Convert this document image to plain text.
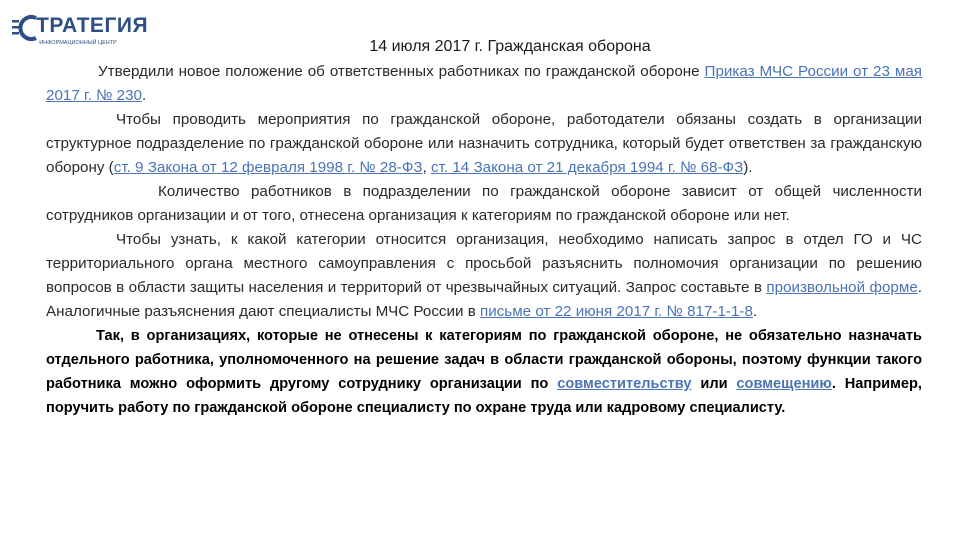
ТРАТЕГИЯ
ИНФОРМАЦИОННЫЙ ЦЕНТР	14 июля 2017 г. Гражданская оборона

Утвердили новое положение об ответственных работниках по гражданской обороне Приказ МЧС России от 23 мая 2017 г. № 230.

Чтобы проводить мероприятия по гражданской обороне, работодатели обязаны создать в организации структурное подразделение по гражданской обороне или назначить сотрудника, который будет ответствен за гражданскую оборону (ст. 9 Закона от 12 февраля 1998 г. № 28-ФЗ, ст. 14 Закона от 21 декабря 1994 г. № 68-ФЗ).

Количество работников в подразделении по гражданской обороне зависит от общей численности сотрудников организации и от того, отнесена организация к категориям по гражданской обороне или нет.

Чтобы узнать, к какой категории относится организация, необходимо написать запрос в отдел ГО и ЧС территориального органа местного самоуправления с просьбой разъяснить полномочия организации по решению вопросов в области защиты населения и территорий от чрезвычайных ситуаций. Запрос составьте в произвольной форме. Аналогичные разъяснения дают специалисты МЧС России в письме от 22 июня 2017 г. № 817-1-1-8.

Так, в организациях, которые не отнесены к категориям по гражданской обороне, не обязательно назначать отдельного работника, уполномоченного на решение задач в области гражданской обороны, поэтому функции такого работника можно оформить другому сотруднику организации по совместительству или совмещению. Например, поручить работу по гражданской обороне специалисту по охране труда или кадровому специалисту.
